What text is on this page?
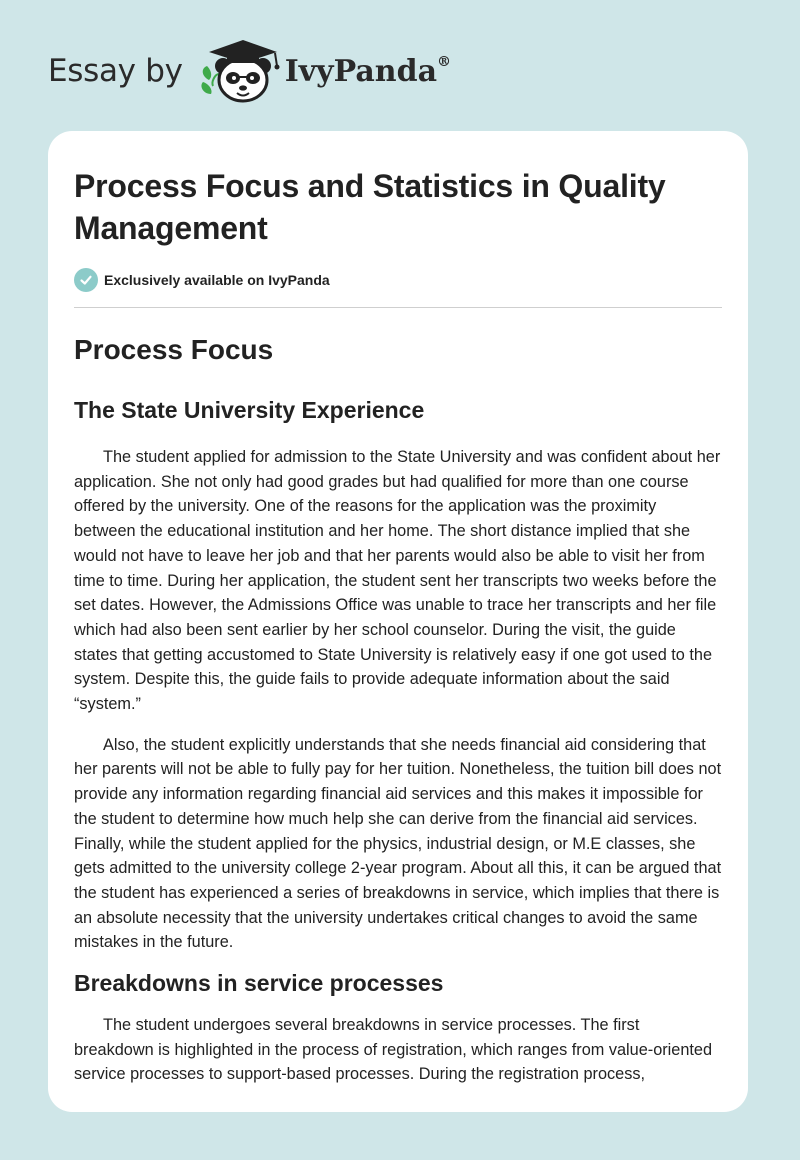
Essay by	IvyPanda®
Process Focus and Statistics in Quality Management
Exclusively available on IvyPanda
Process Focus
The State University Experience

The student applied for admission to the State University and was confident about her application. She not only had good grades but had qualified for more than one course offered by the university. One of the reasons for the application was the proximity between the educational institution and her home. The short distance implied that she would not have to leave her job and that her parents would also be able to visit her from time to time. During her application, the student sent her transcripts two weeks before the set dates. However, the Admissions Office was unable to trace her transcripts and her file which had also been sent earlier by her school counselor. During the visit, the guide states that getting accustomed to State University is relatively easy if one got used to the system. Despite this, the guide fails to provide adequate information about the said “system.”

Also, the student explicitly understands that she needs financial aid considering that her parents will not be able to fully pay for her tuition. Nonetheless, the tuition bill does not provide any information regarding financial aid services and this makes it impossible for the student to determine how much help she can derive from the financial aid services. Finally, while the student applied for the physics, industrial design, or M.E classes, she gets admitted to the university college 2-year program. About all this, it can be argued that the student has experienced a series of breakdowns in service, which implies that there is an absolute necessity that the university undertakes critical changes to avoid the same mistakes in the future.

Breakdowns in service processes

The student undergoes several breakdowns in service processes. The first breakdown is highlighted in the process of registration, which ranges from value-oriented service processes to support-based processes. During the registration process,
